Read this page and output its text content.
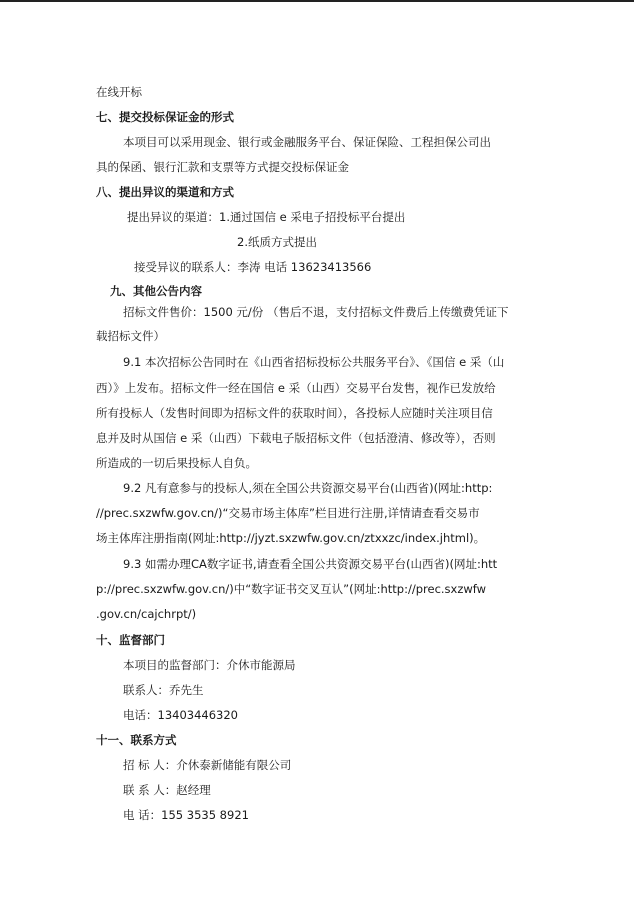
在线开标
七、提交投标保证金的形式
本项目可以采用现金、银行或金融服务平台、保证保险、工程担保公司出
具的保函、银行汇款和支票等方式提交投标保证金
八、提出异议的渠道和方式
提出异议的渠道：1.通过国信 e 采电子招投标平台提出
2.纸质方式提出
接受异议的联系人：李涛 电话 13623413566
九、其他公告内容
招标文件售价：1500 元/份 （售后不退，支付招标文件费后上传缴费凭证下
载招标文件）
9.1 本次招标公告同时在《山西省招标投标公共服务平台》、《国信 e 采（山
西）》上发布。招标文件一经在国信 e 采（山西）交易平台发售，视作已发放给
所有投标人（发售时间即为招标文件的获取时间），各投标人应随时关注项目信
息并及时从国信 e 采（山西）下载电子版招标文件（包括澄清、修改等），否则
所造成的一切后果投标人自负。
9.2 凡有意参与的投标人,须在全国公共资源交易平台(山西省)(网址:http:
//prec.sxzwfw.gov.cn/)“交易市场主体库”栏目进行注册,详情请查看交易市
场主体库注册指南(网址:http://jyzt.sxzwfw.gov.cn/ztxxzc/index.jhtml)。
9.3 如需办理CA数字证书,请查看全国公共资源交易平台(山西省)(网址:htt
p://prec.sxzwfw.gov.cn/)中“数字证书交叉互认”(网址:http://prec.sxzwfw
.gov.cn/cajchrpt/)
十、监督部门
本项目的监督部门：介休市能源局
联系人：乔先生
电话：13403446320
十一、联系方式
招 标 人：介休泰新储能有限公司
联 系 人：赵经理
电 话：155 3535 8921
